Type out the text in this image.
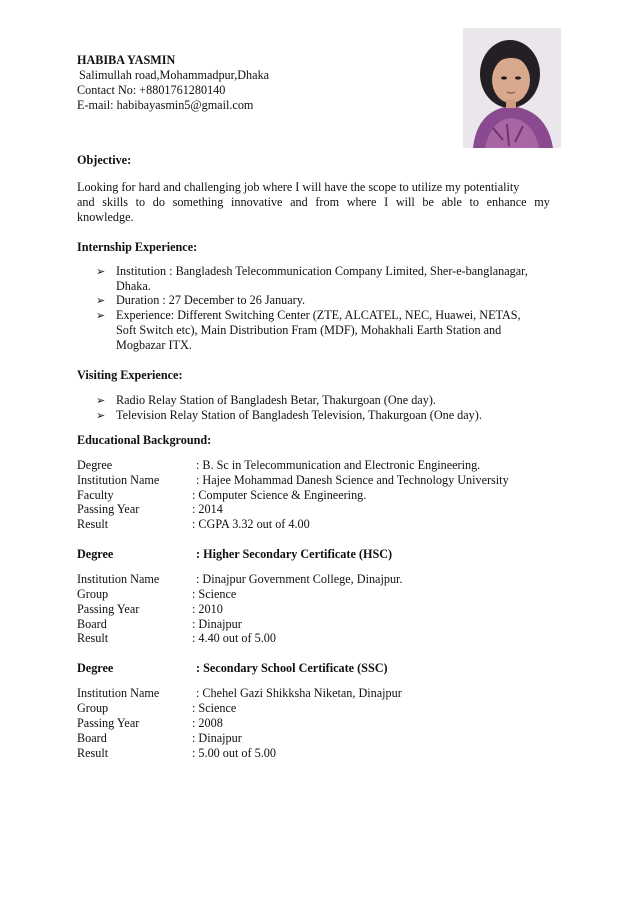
HABIBA YASMIN
Salimullah road,Mohammadpur,Dhaka
Contact No: +8801761280140
E-mail: habibayasmin5@gmail.com
Objective:
Looking for hard and challenging job where I will have the scope to utilize my potentiality
and skills to do something innovative and from where I will be able to enhance my
knowledge.
Internship Experience:
➢ Institution : Bangladesh Telecommunication Company Limited, Sher-e-banglanagar,
Dhaka.
➢ Duration : 27 December to 26 January.
➢ Experience: Different Switching Center (ZTE, ALCATEL, NEC, Huawei, NETAS,
Soft Switch etc), Main Distribution Fram (MDF), Mohakhali Earth Station and
Mogbazar ITX.
Visiting Experience:
➢ Radio Relay Station of Bangladesh Betar, Thakurgoan (One day).
➢ Television Relay Station of Bangladesh Television, Thakurgoan (One day).
Educational Background:
Degree	: B. Sc in Telecommunication and Electronic Engineering.
Institution Name	: Hajee Mohammad Danesh Science and Technology University
Faculty	: Computer Science & Engineering.
Passing Year	: 2014
Result	: CGPA 3.32 out of 4.00
Degree	: Higher Secondary Certificate (HSC)
Institution Name	: Dinajpur Government College, Dinajpur.
Group	: Science
Passing Year	: 2010
Board	: Dinajpur
Result	: 4.40 out of 5.00
Degree	: Secondary School Certificate (SSC)
Institution Name	: Chehel Gazi Shikksha Niketan, Dinajpur
Group	: Science
Passing Year	: 2008
Board	: Dinajpur
Result	: 5.00 out of 5.00
